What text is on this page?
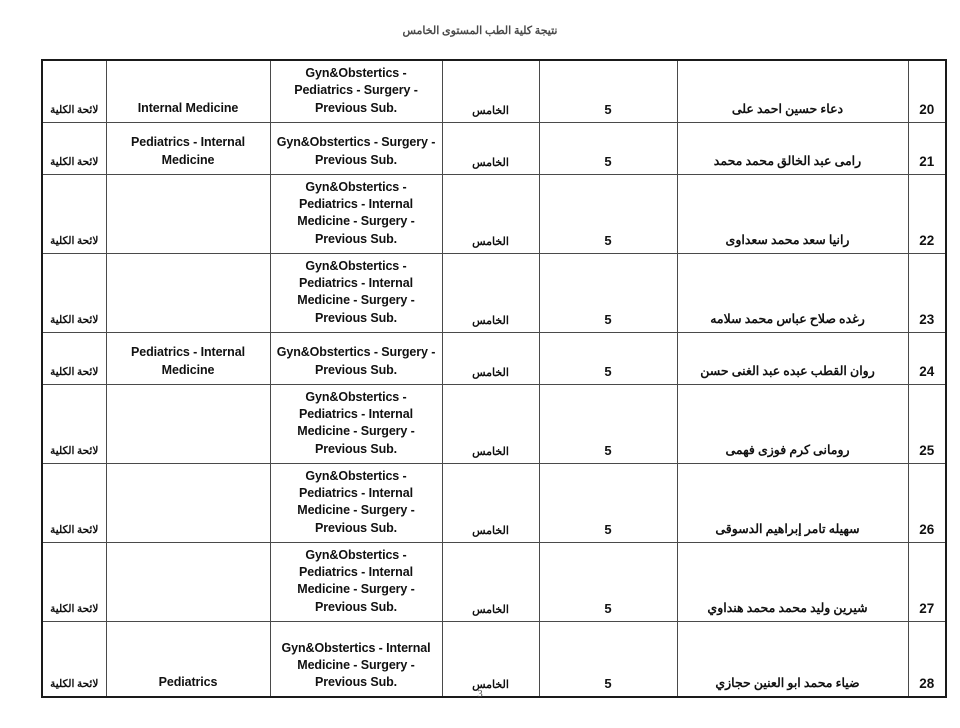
نتيجة كلية الطب المستوى الخامس
لائحة الكلية	Internal Medicine	Gyn&Obstertics - Pediatrics - Surgery - Previous Sub.	الخامس	5	دعاء حسين احمد على	20

لائحة الكلية	Pediatrics - Internal Medicine	Gyn&Obstertics - Surgery - Previous Sub.	الخامس	5	رامى عبد الخالق محمد محمد	21

لائحة الكلية		Gyn&Obstertics - Pediatrics - Internal Medicine - Surgery - Previous Sub.	الخامس	5	رانيا سعد محمد سعداوى	22

لائحة الكلية		Gyn&Obstertics - Pediatrics - Internal Medicine - Surgery - Previous Sub.	الخامس	5	رغده صلاح عباس محمد سلامه	23

لائحة الكلية	Pediatrics - Internal Medicine	Gyn&Obstertics - Surgery - Previous Sub.	الخامس	5	روان القطب عبده عبد الغنى حسن	24

لائحة الكلية		Gyn&Obstertics - Pediatrics - Internal Medicine - Surgery - Previous Sub.	الخامس	5	رومانى كرم فوزى فهمى	25

لائحة الكلية		Gyn&Obstertics - Pediatrics - Internal Medicine - Surgery - Previous Sub.	الخامس	5	سهيله تامر إبراهيم الدسوقى	26

لائحة الكلية		Gyn&Obstertics - Pediatrics - Internal Medicine - Surgery - Previous Sub.	الخامس	5	شيرين وليد محمد محمد هنداوي	27

لائحة الكلية	Pediatrics	Gyn&Obstertics - Internal Medicine - Surgery - Previous Sub.	الخامس	5	ضياء محمد ابو العنين حجازي	28
3
